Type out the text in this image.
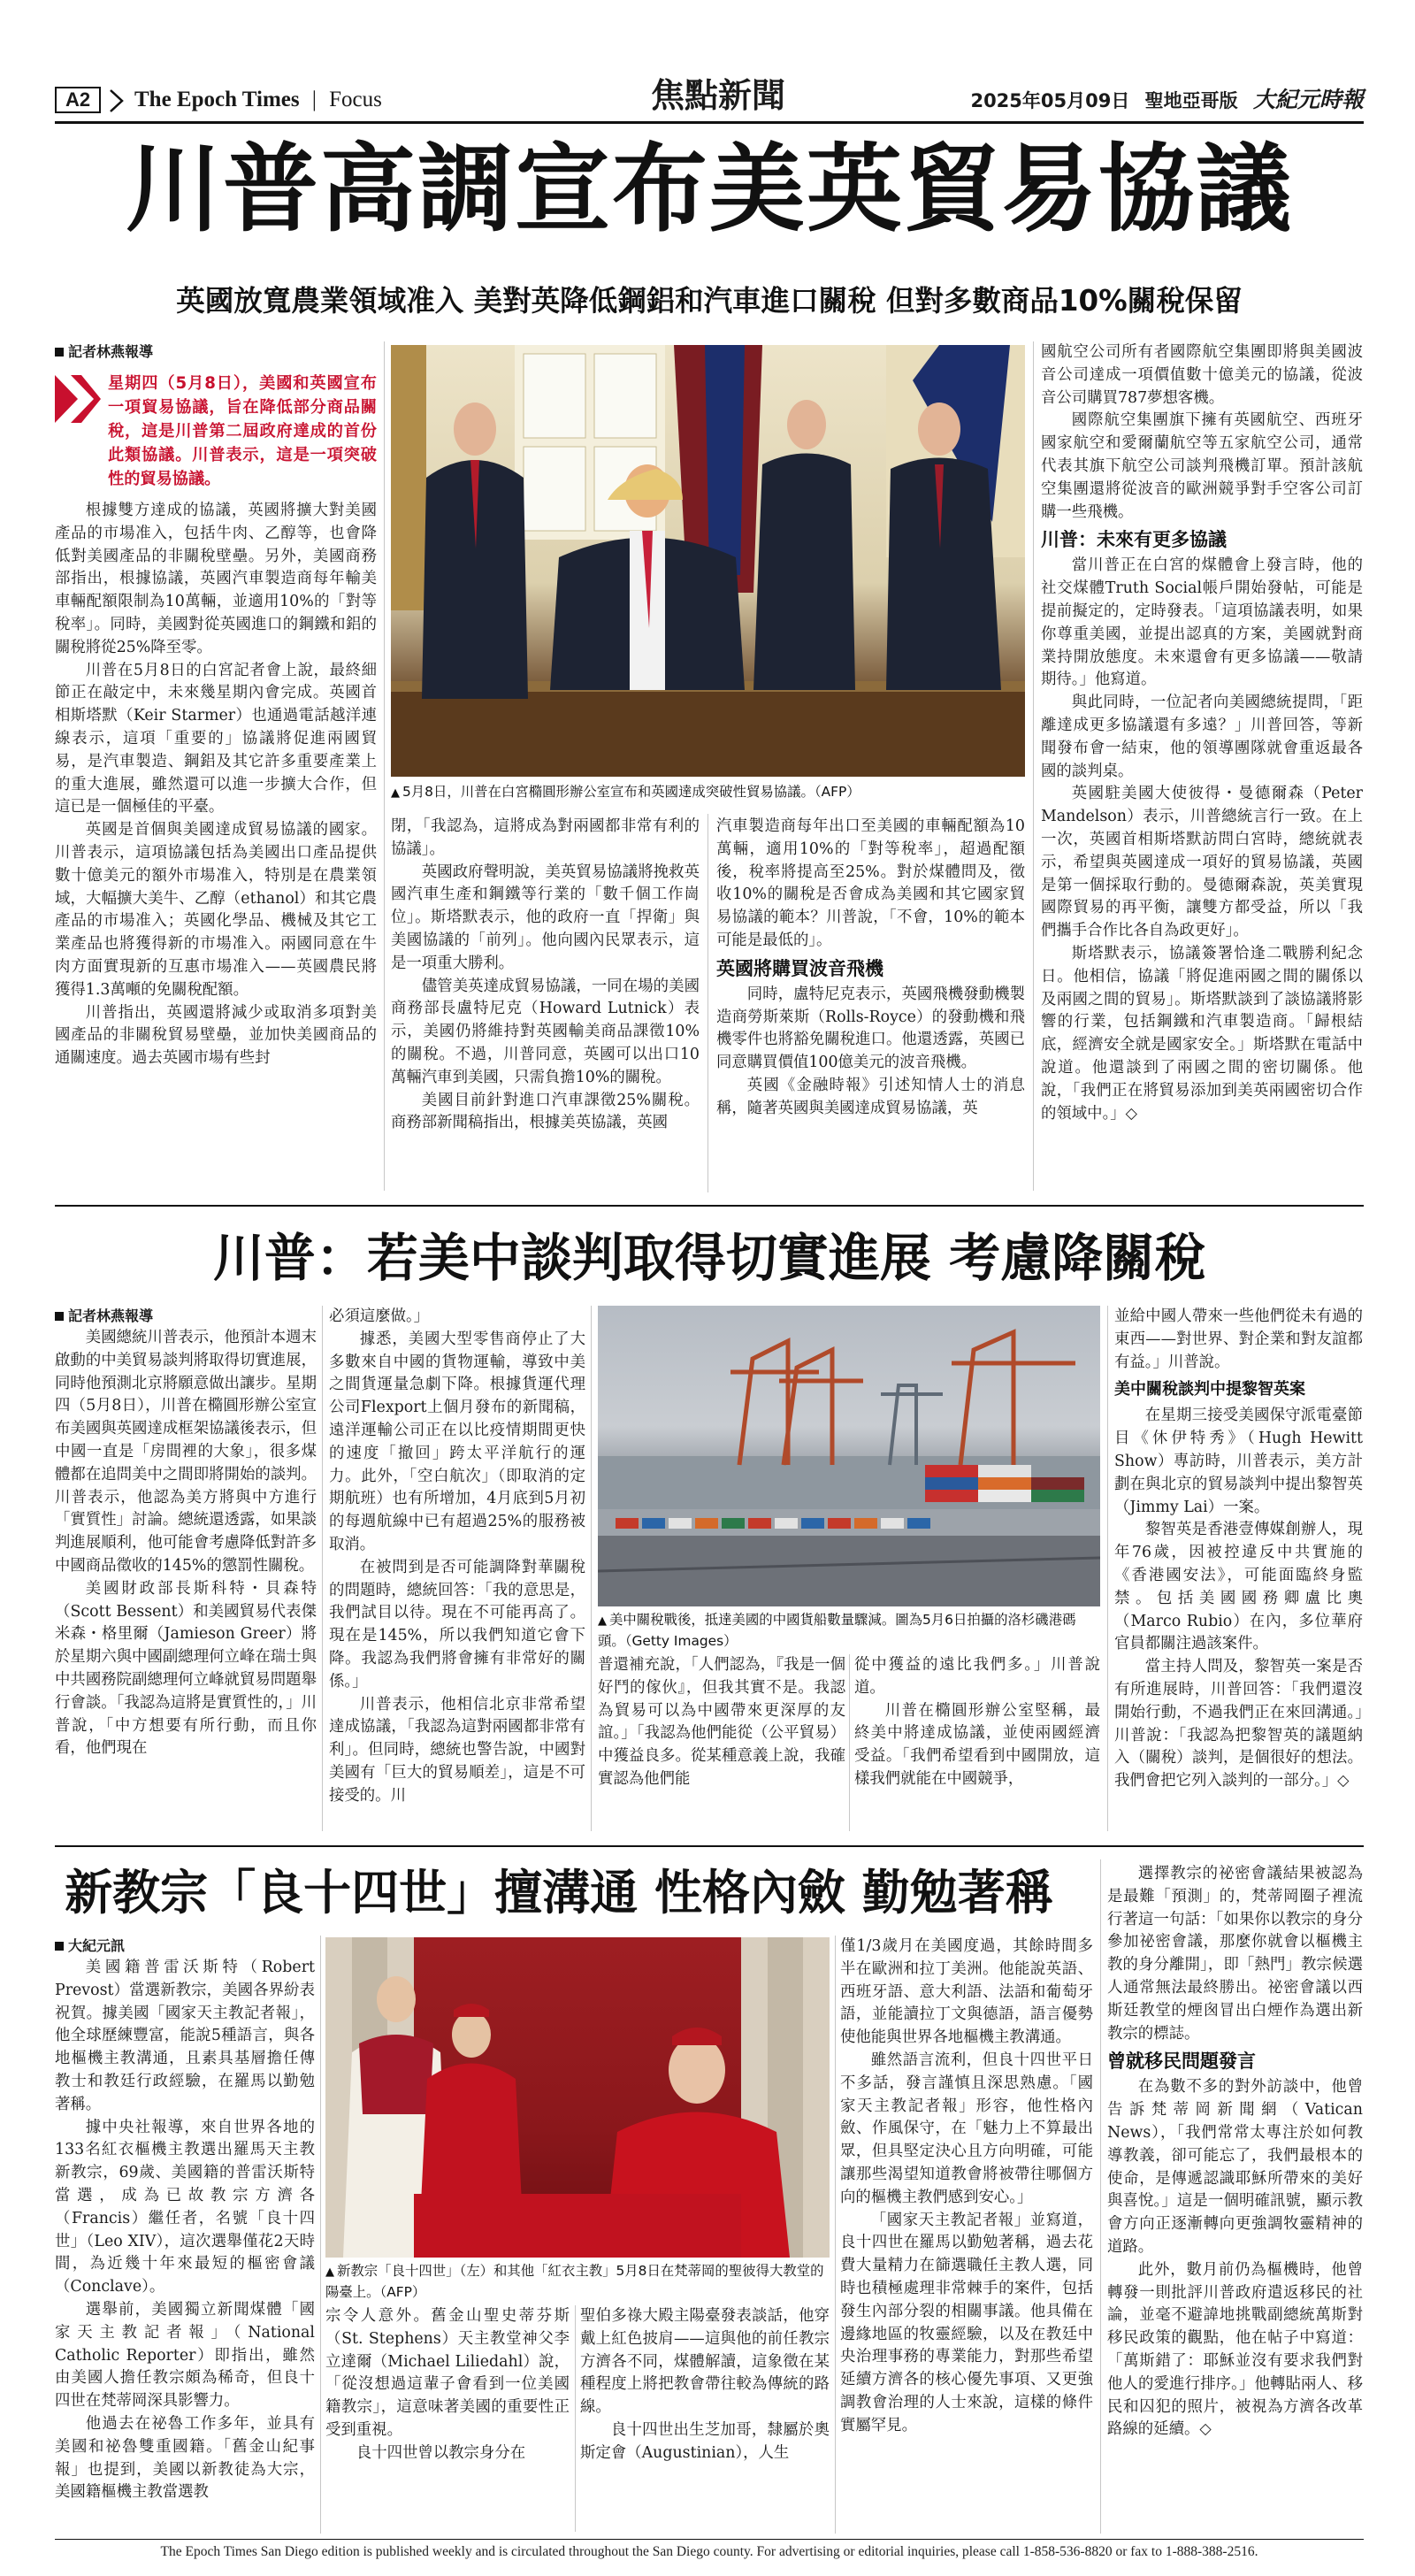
A2	The Epoch Times | Focus	焦點新聞	2025年05月09日 聖地亞哥版 大紀元時報
川普高調宣布美英貿易協議
英國放寬農業領域准入 美對英降低鋼鋁和汽車進口關稅 但對多數商品10%關稅保留
記者林燕報導
星期四（5月8日），美國和英國宣布一項貿易協議，旨在降低部分商品關稅，這是川普第二屆政府達成的首份此類協議。川普表示，這是一項突破性的貿易協議。

根據雙方達成的協議，英國將擴大對美國產品的市場准入，包括牛肉、乙醇等，也會降低對美國產品的非關稅壁壘。另外，美國商務部指出，根據協議，英國汽車製造商每年輸美車輛配額限制為10萬輛，並適用10%的「對等稅率」。同時，美國對從英國進口的鋼鐵和鋁的關稅將從25%降至零。

川普在5月8日的白宮記者會上說，最終細節正在敲定中，未來幾星期內會完成。英國首相斯塔默（Keir Starmer）也通過電話越洋連線表示，這項「重要的」協議將促進兩國貿易，是汽車製造、鋼鋁及其它許多重要產業上的重大進展，雖然還可以進一步擴大合作，但這已是一個極佳的平臺。

英國是首個與美國達成貿易協議的國家。川普表示，這項協議包括為美國出口產品提供數十億美元的額外市場准入，特別是在農業領域，大幅擴大美牛、乙醇（ethanol）和其它農產品的市場准入；英國化學品、機械及其它工業產品也將獲得新的市場准入。兩國同意在牛肉方面實現新的互惠市場准入——英國農民將獲得1.3萬噸的免關稅配額。

川普指出，英國還將減少或取消多項對美國產品的非關稅貿易壁壘，並加快美國商品的通關速度。過去英國市場有些封

▲ 5月8日，川普在白宮橢圓形辦公室宣布和英國達成突破性貿易協議。（AFP）

閉，「我認為，這將成為對兩國都非常有利的協議」。

英國政府聲明說，美英貿易協議將挽救英國汽車生產和鋼鐵等行業的「數千個工作崗位」。斯塔默表示，他的政府一直「捍衛」與美國協議的「前列」。他向國內民眾表示，這是一項重大勝利。

儘管美英達成貿易協議，一同在場的美國商務部長盧特尼克（Howard Lutnick）表示，美國仍將維持對英國輸美商品課徵10%的關稅。不過，川普同意，英國可以出口10萬輛汽車到美國，只需負擔10%的關稅。

美國目前針對進口汽車課徵25%關稅。商務部新聞稿指出，根據美英協議，英國

汽車製造商每年出口至美國的車輛配額為10萬輛，適用10%的「對等稅率」，超過配額後，稅率將提高至25%。對於煤體問及，徵收10%的關稅是否會成為美國和其它國家貿易協議的範本？川普說，「不會，10%的範本可能是最低的」。

英國將購買波音飛機

同時，盧特尼克表示，英國飛機發動機製造商勞斯萊斯（Rolls-Royce）的發動機和飛機零件也將豁免關稅進口。他還透露，英國已同意購買價值100億美元的波音飛機。

英國《金融時報》引述知情人士的消息稱，隨著英國與美國達成貿易協議，英

國航空公司所有者國際航空集團即將與美國波音公司達成一項價值數十億美元的協議，從波音公司購買787夢想客機。

國際航空集團旗下擁有英國航空、西班牙國家航空和愛爾蘭航空等五家航空公司，通常代表其旗下航空公司談判飛機訂單。預計該航空集團還將從波音的歐洲競爭對手空客公司訂購一些飛機。

川普：未來有更多協議

當川普正在白宮的煤體會上發言時，他的社交煤體Truth Social帳戶開始發帖，可能是提前擬定的，定時發表。「這項協議表明，如果你尊重美國，並提出認真的方案，美國就對商業持開放態度。未來還會有更多協議——敬請期待。」他寫道。

與此同時，一位記者向美國總統提問，「距離達成更多協議還有多遠？」川普回答，等新聞發布會一結束，他的領導團隊就會重返最各國的談判桌。

英國駐美國大使彼得・曼德爾森（Peter Mandelson）表示，川普總統言行一致。在上一次，英國首相斯塔默訪問白宮時，總統就表示，希望與英國達成一項好的貿易協議，英國是第一個採取行動的。曼德爾森說，英美實現國際貿易的再平衡，讓雙方都受益，所以「我們攜手合作比各自為政更好」。

斯塔默表示，協議簽署恰逢二戰勝利紀念日。他相信，協議「將促進兩國之間的關係以及兩國之間的貿易」。斯塔默談到了談協議將影響的行業，包括鋼鐵和汽車製造商。「歸根結底，經濟安全就是國家安全。」斯塔默在電話中說道。他還談到了兩國之間的密切關係。他說，「我們正在將貿易添加到美英兩國密切合作的領域中。」◇

川普：若美中談判取得切實進展 考慮降關稅
記者林燕報導

美國總統川普表示，他預計本週末啟動的中美貿易談判將取得切實進展，同時他預測北京將願意做出讓步。星期四（5月8日），川普在橢圓形辦公室宣布美國與英國達成框架協議後表示，但中國一直是「房間裡的大象」，很多煤體都在追問美中之間即將開始的談判。川普表示，他認為美方將與中方進行「實質性」討論。總統還透露，如果談判進展順利，他可能會考慮降低對許多中國商品徵收的145%的懲罰性關稅。

美國財政部長斯科特・貝森特（Scott Bessent）和美國貿易代表傑米森・格里爾（Jamieson Greer）將於星期六與中國副總理何立峰在瑞士與中共國務院副總理何立峰就貿易問題舉行會談。「我認為這將是實質性的，」川普說，「中方想要有所行動，而且你看，他們現在

必須這麼做。」

據悉，美國大型零售商停止了大多數來自中國的貨物運輸，導致中美之間貨運量急劇下降。根據貨運代理公司Flexport上個月發布的新聞稿，遠洋運輸公司正在以比疫情期間更快的速度「撤回」跨太平洋航行的運力。此外，「空白航次」（即取消的定期航班）也有所增加，4月底到5月初的每週航線中已有超過25%的服務被取消。

在被問到是否可能調降對華關稅的問題時，總統回答：「我的意思是，我們試目以待。現在不可能再高了。現在是145%，所以我們知道它會下降。我認為我們將會擁有非常好的關係。」

川普表示，他相信北京非常希望達成協議，「我認為這對兩國都非常有利」。但同時，總統也警告說，中國對美國有「巨大的貿易順差」，這是不可接受的。川

▲ 美中關稅戰後，抵達美國的中國貨船數量驟減。圖為5月6日拍攝的洛杉磯港碼頭。（Getty Images）

普還補充說，「人們認為，『我是一個好鬥的傢伙』，但我其實不是。我認為貿易可以為中國帶來更深厚的友誼。」「我認為他們能從（公平貿易）中獲益良多。從某種意義上說，我確實認為他們能

從中獲益的遠比我們多。」川普說道。

川普在橢圓形辦公室堅稱，最終美中將達成協議，並使兩國經濟受益。「我們希望看到中國開放，這樣我們就能在中國競爭，

並給中國人帶來一些他們從未有過的東西——對世界、對企業和對友誼都有益。」川普說。

美中關稅談判中提黎智英案

在星期三接受美國保守派電臺節目《休伊特秀》（Hugh Hewitt Show）專訪時，川普表示，美方計劃在與北京的貿易談判中提出黎智英（Jimmy Lai）一案。

黎智英是香港壹傳媒創辦人，現年76歲，因被控違反中共實施的《香港國安法》，可能面臨終身監禁。包括美國國務卿盧比奧（Marco Rubio）在內，多位華府官員都關注過該案件。

當主持人問及，黎智英一案是否有所進展時，川普回答：「我們還沒開始行動，不過我們正在來回溝通。」川普說：「我認為把黎智英的議題納入（關稅）談判，是個很好的想法。我們會把它列入談判的一部分。」◇

新教宗「良十四世」擅溝通 性格內斂 勤勉著稱
大紀元訊

美國籍普雷沃斯特（Robert Prevost）當選新教宗，美國各界紛表祝賀。據美國「國家天主教記者報」，他全球歷練豐富，能說5種語言，與各地樞機主教溝通，且素具基層擔任傳教士和教廷行政經驗，在羅馬以勤勉著稱。

據中央社報導，來自世界各地的133名紅衣樞機主教選出羅馬天主教新教宗，69歲、美國籍的普雷沃斯特當選，成為已故教宗方濟各（Francis）繼任者，名號「良十四世」（Leo XIV），這次選舉僅花2天時間，為近幾十年來最短的樞密會議（Conclave）。

選舉前，美國獨立新聞煤體「國家天主教記者報」（National Catholic Reporter）即指出，雖然由美國人擔任教宗頗為稀奇，但良十四世在梵蒂岡深具影響力。

他過去在祕魯工作多年，並具有美國和祕魯雙重國籍。「舊金山紀事報」也提到，美國以新教徒為大宗，美國籍樞機主教當選教

▲ 新教宗「良十四世」（左）和其他「紅衣主教」5月8日在梵蒂岡的聖彼得大教堂的陽臺上。（AFP）

宗令人意外。舊金山聖史蒂芬斯（St. Stephens）天主教堂神父李立達爾（Michael Liliedahl）說，「從沒想過這輩子會看到一位美國籍教宗」，這意味著美國的重要性正受到重視。

良十四世曾以教宗身分在

聖伯多祿大殿主陽臺發表談話，他穿戴上紅色披肩——這與他的前任教宗方濟各不同，煤體解讀，這象徵在某種程度上將把教會帶往較為傳統的路線。

良十四世出生芝加哥，隸屬於奧斯定會（Augustinian），人生

僅1/3歲月在美國度過，其餘時間多半在歐洲和拉丁美洲。他能說英語、西班牙語、意大利語、法語和葡萄牙語，並能讀拉丁文與德語，語言優勢使他能與世界各地樞機主教溝通。

雖然語言流利，但良十四世平日不多話，發言謹慎且深思熟慮。「國家天主教記者報」形容，他性格內斂、作風保守，在「魅力上不算最出眾，但具堅定決心且方向明確，可能讓那些渴望知道教會將被帶往哪個方向的樞機主教們感到安心。」

「國家天主教記者報」並寫道，良十四世在羅馬以勤勉著稱，過去花費大量精力在篩選職任主教人選，同時也積極處理非常棘手的案件，包括發生內部分裂的相關事議。他具備在邊緣地區的牧靈經驗，以及在教廷中央治理事務的專業能力，對那些希望延續方濟各的核心優先事項、又更強調教會治理的人士來說，這樣的條件實屬罕見。

選擇教宗的祕密會議結果被認為是最難「預測」的，梵蒂岡圈子裡流行著這一句話：「如果你以教宗的身分參加祕密會議，那麼你就會以樞機主教的身分離開」，即「熱門」教宗候選人通常無法最終勝出。祕密會議以西斯廷教堂的煙囪冒出白煙作為選出新教宗的標誌。

曾就移民問題發言

在為數不多的對外訪談中，他曾告訴梵蒂岡新聞網（Vatican News），「我們常常太專注於如何教導教義，卻可能忘了，我們最根本的使命，是傳遞認識耶穌所帶來的美好與喜悅。」這是一個明確訊號，顯示教會方向正逐漸轉向更強調牧靈精神的道路。

此外，數月前仍為樞機時，他曾轉發一則批評川普政府遣返移民的社論，並毫不避諱地挑戰副總統萬斯對移民政策的觀點，他在帖子中寫道：「萬斯錯了：耶穌並沒有要求我們對他人的愛進行排序。」他轉貼兩人、移民和囚犯的照片，被視為方濟各改革路線的延續。◇

The Epoch Times San Diego edition is published weekly and is circulated throughout the San Diego county. For advertising or editorial inquiries, please call 1-858-536-8820 or fax to 1-888-388-2516.
